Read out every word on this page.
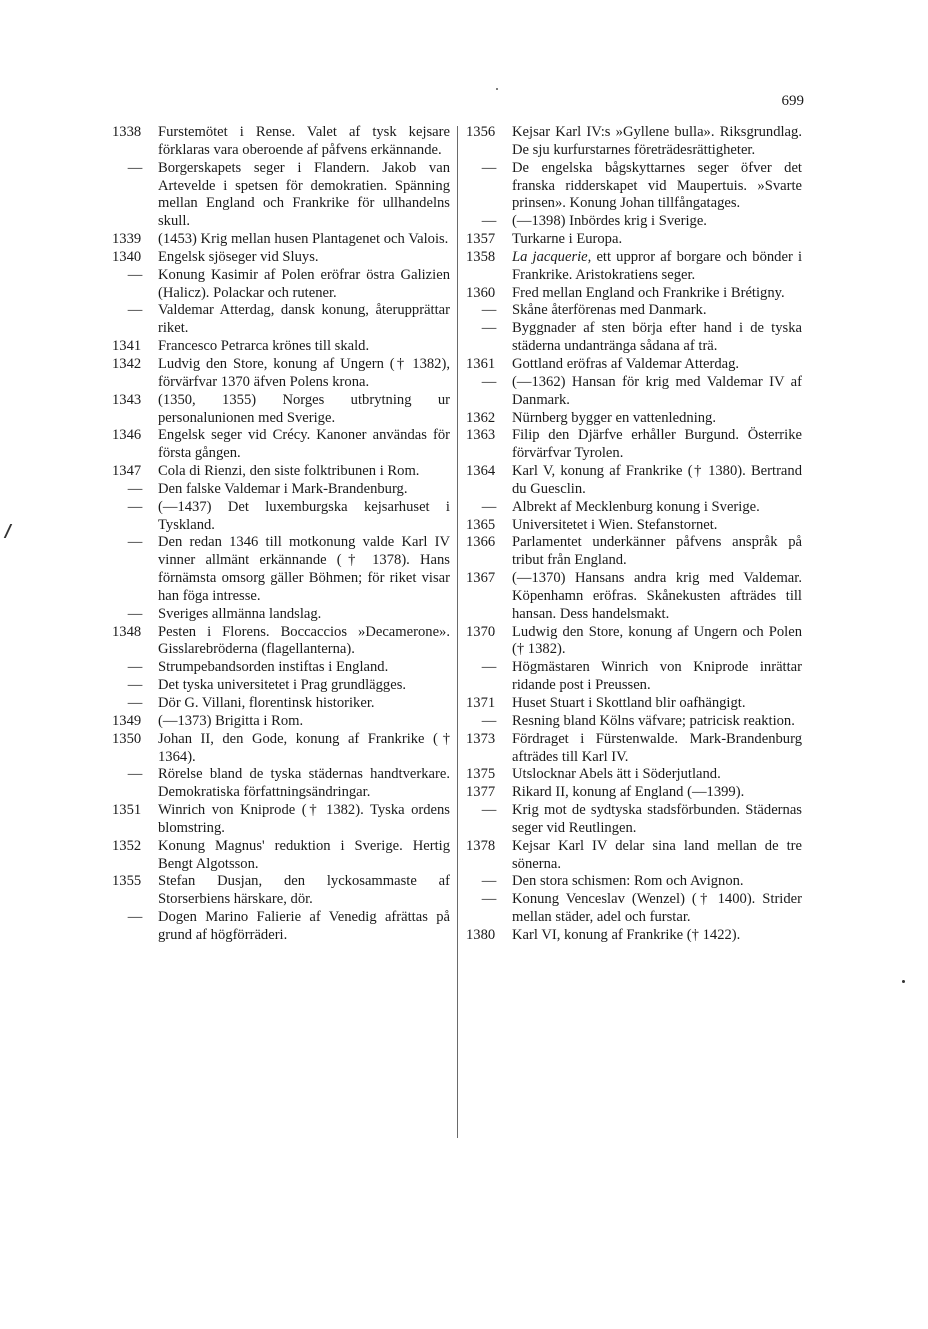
699
1338	Furstemötet i Rense. Valet af tysk kejsare förklaras vara oberoende af påfvens erkännande.
—	Borgerskapets seger i Flandern. Jakob van Artevelde i spetsen för demokratien. Spänning mellan England och Frankrike för ullhandelns skull.
1339	(1453) Krig mellan husen Plantagenet och Valois.
1340	Engelsk sjöseger vid Sluys.
—	Konung Kasimir af Polen eröfrar östra Galizien (Halicz). Polackar och rutener.
—	Valdemar Atterdag, dansk konung, återupprättar riket.
1341	Francesco Petrarca krönes till skald.
1342	Ludvig den Store, konung af Ungern († 1382), förvärfvar 1370 äfven Polens krona.
1343	(1350, 1355) Norges utbrytning ur personalunionen med Sverige.
1346	Engelsk seger vid Crécy. Kanoner användas för första gången.
1347	Cola di Rienzi, den siste folktribunen i Rom.
—	Den falske Valdemar i Mark-Brandenburg.
—	(—1437) Det luxemburgska kejsarhuset i Tyskland.
—	Den redan 1346 till motkonung valde Karl IV vinner allmänt erkännande († 1378). Hans förnämsta omsorg gäller Böhmen; för riket visar han föga intresse.
—	Sveriges allmänna landslag.
1348	Pesten i Florens. Boccaccios »Decamerone». Gisslarebröderna (flagellanterna).
—	Strumpebandsorden instiftas i England.
—	Det tyska universitetet i Prag grundlägges.
—	Dör G. Villani, florentinsk historiker.
1349	(—1373) Brigitta i Rom.
1350	Johan II, den Gode, konung af Frankrike († 1364).
—	Rörelse bland de tyska städernas handtverkare. Demokratiska författningsändringar.
1351	Winrich von Kniprode († 1382). Tyska ordens blomstring.
1352	Konung Magnus' reduktion i Sverige. Hertig Bengt Algotsson.
1355	Stefan Dusjan, den lyckosammaste af Storserbiens härskare, dör.
—	Dogen Marino Falierie af Venedig afrättas på grund af högförräderi.
1356	Kejsar Karl IV:s »Gyllene bulla». Riksgrundlag. De sju kurfurstarnes företrädesrättigheter.
—	De engelska bågskyttarnes seger öfver det franska ridderskapet vid Maupertuis. »Svarte prinsen». Konung Johan tillfångatages.
—	(—1398) Inbördes krig i Sverige.
1357	Turkarne i Europa.
1358	La jacquerie, ett uppror af borgare och bönder i Frankrike. Aristokratiens seger.
1360	Fred mellan England och Frankrike i Brétigny.
—	Skåne återförenas med Danmark.
—	Byggnader af sten börja efter hand i de tyska städerna undantränga sådana af trä.
1361	Gottland eröfras af Valdemar Atterdag.
—	(—1362) Hansan för krig med Valdemar IV af Danmark.
1362	Nürnberg bygger en vattenledning.
1363	Filip den Djärfve erhåller Burgund. Österrike förvärfvar Tyrolen.
1364	Karl V, konung af Frankrike († 1380). Bertrand du Guesclin.
—	Albrekt af Mecklenburg konung i Sverige.
1365	Universitetet i Wien. Stefanstornet.
1366	Parlamentet underkänner påfvens anspråk på tribut från England.
1367	(—1370) Hansans andra krig med Valdemar. Köpenhamn eröfras. Skånekusten afträdes till hansan. Dess handelsmakt.
1370	Ludwig den Store, konung af Ungern och Polen († 1382).
—	Högmästaren Winrich von Kniprode inrättar ridande post i Preussen.
1371	Huset Stuart i Skottland blir oafhängigt.
—	Resning bland Kölns väfvare; patricisk reaktion.
1373	Fördraget i Fürstenwalde. Mark-Brandenburg afträdes till Karl IV.
1375	Utslocknar Abels ätt i Söderjutland.
1377	Rikard II, konung af England (—1399).
—	Krig mot de sydtyska stadsförbunden. Städernas seger vid Reutlingen.
1378	Kejsar Karl IV delar sina land mellan de tre sönerna.
—	Den stora schismen: Rom och Avignon.
—	Konung Venceslav (Wenzel) († 1400). Strider mellan städer, adel och furstar.
1380	Karl VI, konung af Frankrike († 1422).
